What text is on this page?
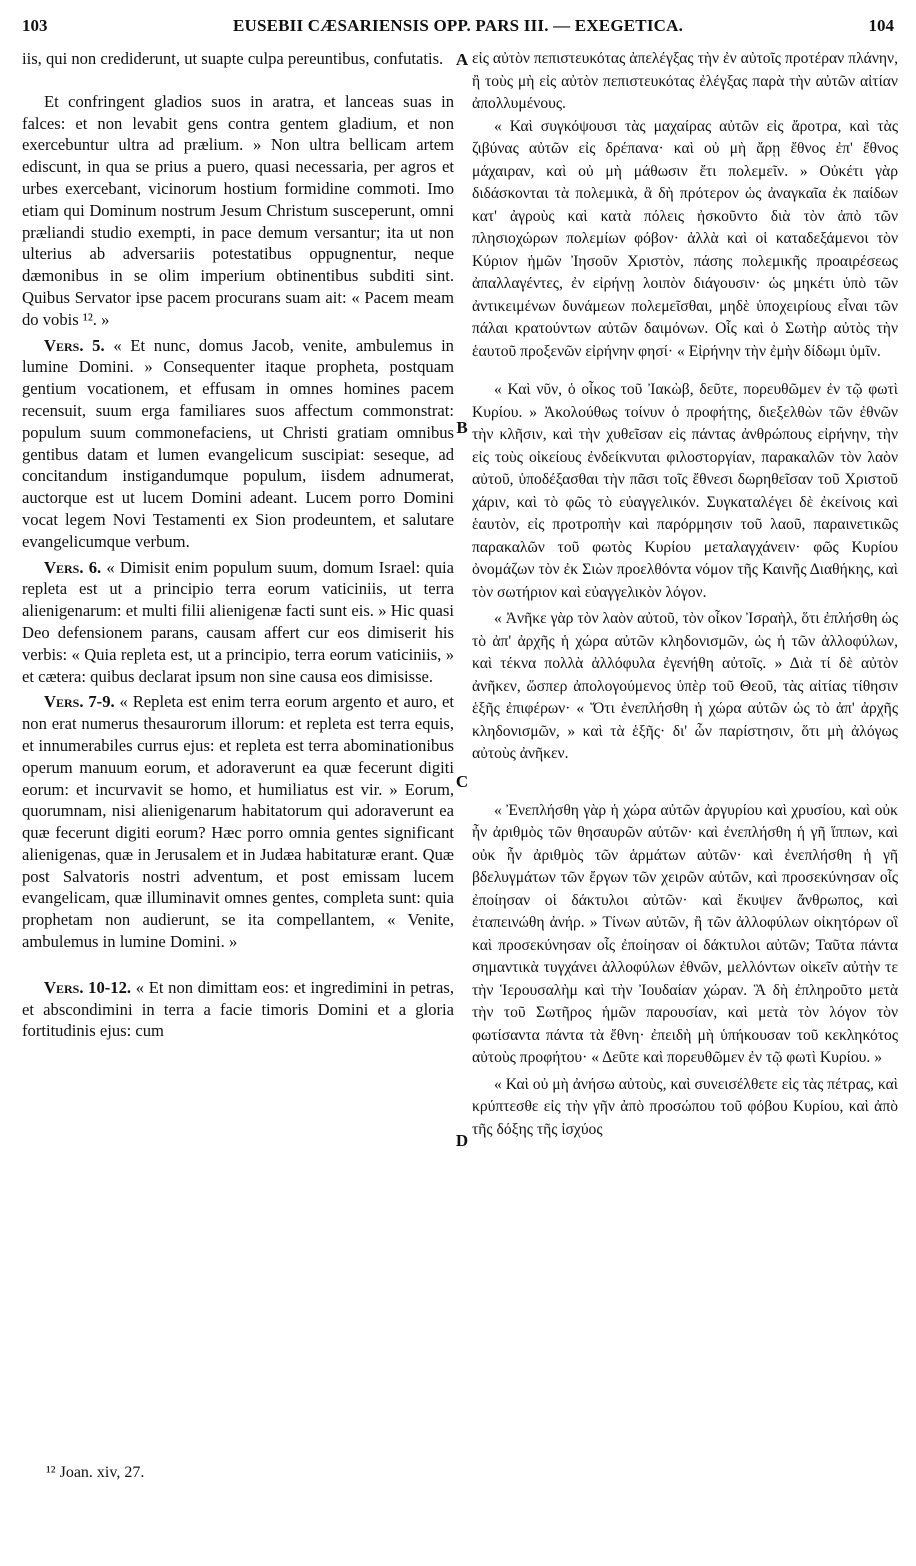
103	EUSEBII CÆSARIENSIS OPP. PARS III. — EXEGETICA.	104
A
B
C
D

iis, qui non crediderunt, ut suapte culpa pereuntibus, confutatis.

Et confringent gladios suos in aratra, et lanceas suas in falces: et non levabit gens contra gentem gladium, et non exercebuntur ultra ad prælium. » Non ultra bellicam artem ediscunt, in qua se prius a puero, quasi necessaria, per agros et urbes exercebant, vicinorum hostium formidine commoti. Imo etiam qui Dominum nostrum Jesum Christum susceperunt, omni præliandi studio exempti, in pace demum versantur; ita ut non ulterius ab adversariis potestatibus oppugnentur, neque dæmonibus in se olim imperium obtinentibus subditi sint. Quibus Servator ipse pacem procurans suam ait: « Pacem meam do vobis ¹². »

Vers. 5. « Et nunc, domus Jacob, venite, ambulemus in lumine Domini. » Consequenter itaque propheta, postquam gentium vocationem, et effusam in omnes homines pacem recensuit, suum erga familiares suos affectum commonstrat: populum suum commonefaciens, ut Christi gratiam omnibus gentibus datam et lumen evangelicum suscipiat: seseque, ad concitandum instigandumque populum, iisdem adnumerat, auctorque est ut lucem Domini adeant. Lucem porro Domini vocat legem Novi Testamenti ex Sion prodeuntem, et salutare evangelicumque verbum.

Vers. 6. « Dimisit enim populum suum, domum Israel: quia repleta est ut a principio terra eorum vaticiniis, ut terra alienigenarum: et multi filii alienigenæ facti sunt eis. » Hic quasi Deo defensionem parans, causam affert cur eos dimiserit his verbis: « Quia repleta est, ut a principio, terra eorum vaticiniis, » et cætera: quibus declarat ipsum non sine causa eos dimisisse.

Vers. 7-9. « Repleta est enim terra eorum argento et auro, et non erat numerus thesaurorum illorum: et repleta est terra equis, et innumerabiles currus ejus: et repleta est terra abominationibus operum manuum eorum, et adoraverunt ea quæ fecerunt digiti eorum: et incurvavit se homo, et humiliatus est vir. » Eorum, quorumnam, nisi alienigenarum habitatorum qui adoraverunt ea quæ fecerunt digiti eorum? Hæc porro omnia gentes significant alienigenas, quæ in Jerusalem et in Judæa habitaturæ erant. Quæ post Salvatoris nostri adventum, et post emissam lucem evangelicam, quæ illuminavit omnes gentes, completa sunt: quia prophetam non audierunt, se ita compellantem, « Venite, ambulemus in lumine Domini. »

Vers. 10-12. « Et non dimittam eos: et ingredimini in petras, et abscondimini in terra a facie timoris Domini et a gloria fortitudinis ejus: cum

¹² Joan. xiv, 27.

εἰς αὐτὸν πεπιστευκότας ἀπελέγξας τὴν ἐν αὐτοῖς προτέραν πλάνην, ἢ τοὺς μὴ εἰς αὐτὸν πεπιστευκότας ἐλέγξας παρὰ τὴν αὐτῶν αἰτίαν ἀπολλυμένους.

« Καὶ συγκόψουσι τὰς μαχαίρας αὐτῶν εἰς ἄροτρα, καὶ τὰς ζιβύνας αὐτῶν εἰς δρέπανα· καὶ οὐ μὴ ἄρῃ ἔθνος ἐπ' ἔθνος μάχαιραν, καὶ οὐ μὴ μάθωσιν ἔτι πολεμεῖν. » Οὐκέτι γὰρ διδάσκονται τὰ πολεμικὰ, ἃ δὴ πρότερον ὡς ἀναγκαῖα ἐκ παίδων κατ' ἀγροὺς καὶ κατὰ πόλεις ἠσκοῦντο διὰ τὸν ἀπὸ τῶν πλησιοχώρων πολεμίων φόβον· ἀλλὰ καὶ οἱ καταδεξάμενοι τὸν Κύριον ἡμῶν Ἰησοῦν Χριστὸν, πάσης πολεμικῆς προαιρέσεως ἀπαλλαγέντες, ἐν εἰρήνῃ λοιπὸν διάγουσιν· ὡς μηκέτι ὑπὸ τῶν ἀντικειμένων δυνάμεων πολεμεῖσθαι, μηδὲ ὑποχειρίους εἶναι τῶν πάλαι κρατούντων αὐτῶν δαιμόνων. Οἷς καὶ ὁ Σωτὴρ αὐτὸς τὴν ἑαυτοῦ προξενῶν εἰρήνην φησί· « Εἰρήνην τὴν ἐμὴν δίδωμι ὑμῖν.

« Καὶ νῦν, ὁ οἶκος τοῦ Ἰακὼβ, δεῦτε, πορευθῶμεν ἐν τῷ φωτὶ Κυρίου. » Ἀκολούθως τοίνυν ὁ προφήτης, διεξελθὼν τῶν ἐθνῶν τὴν κλῆσιν, καὶ τὴν χυθεῖσαν εἰς πάντας ἀνθρώπους εἰρήνην, τὴν εἰς τοὺς οἰκείους ἐνδείκνυται φιλοστοργίαν, παρακαλῶν τὸν λαὸν αὐτοῦ, ὑποδέξασθαι τὴν πᾶσι τοῖς ἔθνεσι δωρηθεῖσαν τοῦ Χριστοῦ χάριν, καὶ τὸ φῶς τὸ εὐαγγελικόν. Συγκαταλέγει δὲ ἐκείνοις καὶ ἑαυτὸν, εἰς προτροπὴν καὶ παρόρμησιν τοῦ λαοῦ, παραινετικῶς παρακαλῶν τοῦ φωτὸς Κυρίου μεταλαγχάνειν· φῶς Κυρίου ὀνομάζων τὸν ἐκ Σιὼν προελθόντα νόμον τῆς Καινῆς Διαθήκης, καὶ τὸν σωτήριον καὶ εὐαγγελικὸν λόγον.

« Ἀνῆκε γὰρ τὸν λαὸν αὐτοῦ, τὸν οἶκον Ἰσραὴλ, ὅτι ἐπλήσθη ὡς τὸ ἀπ' ἀρχῆς ἡ χώρα αὐτῶν κληδονισμῶν, ὡς ἡ τῶν ἀλλοφύλων, καὶ τέκνα πολλὰ ἀλλόφυλα ἐγενήθη αὐτοῖς. » Διὰ τί δὲ αὐτὸν ἀνῆκεν, ὥσπερ ἀπολογούμενος ὑπὲρ τοῦ Θεοῦ, τὰς αἰτίας τίθησιν ἑξῆς ἐπιφέρων· « Ὅτι ἐνεπλήσθη ἡ χώρα αὐτῶν ὡς τὸ ἀπ' ἀρχῆς κληδονισμῶν, » καὶ τὰ ἑξῆς· δι' ὧν παρίστησιν, ὅτι μὴ ἀλόγως αὐτοὺς ἀνῆκεν.

« Ἐνεπλήσθη γὰρ ἡ χώρα αὐτῶν ἀργυρίου καὶ χρυσίου, καὶ οὐκ ἦν ἀριθμὸς τῶν θησαυρῶν αὐτῶν· καὶ ἐνεπλήσθη ἡ γῆ ἵππων, καὶ οὐκ ἦν ἀριθμὸς τῶν ἁρμάτων αὐτῶν· καὶ ἐνεπλήσθη ἡ γῆ βδελυγμάτων τῶν ἔργων τῶν χειρῶν αὐτῶν, καὶ προσεκύνησαν οἷς ἐποίησαν οἱ δάκτυλοι αὐτῶν· καὶ ἔκυψεν ἄνθρωπος, καὶ ἐταπεινώθη ἀνήρ. » Τίνων αὐτῶν, ἢ τῶν ἀλλοφύλων οἰκητόρων οἳ καὶ προσεκύνησαν οἷς ἐποίησαν οἱ δάκτυλοι αὐτῶν; Ταῦτα πάντα σημαντικὰ τυγχάνει ἀλλοφύλων ἐθνῶν, μελλόντων οἰκεῖν αὐτὴν τε τὴν Ἱερουσαλὴμ καὶ τὴν Ἰουδαίαν χώραν. Ἃ δὴ ἐπληροῦτο μετὰ τὴν τοῦ Σωτῆρος ἡμῶν παρουσίαν, καὶ μετὰ τὸν λόγον τὸν φωτίσαντα πάντα τὰ ἔθνη· ἐπειδὴ μὴ ὑπήκουσαν τοῦ κεκληκότος αὐτοὺς προφήτου· « Δεῦτε καὶ πορευθῶμεν ἐν τῷ φωτὶ Κυρίου. »

« Καὶ οὐ μὴ ἀνήσω αὐτοὺς, καὶ συνεισέλθετε εἰς τὰς πέτρας, καὶ κρύπτεσθε εἰς τὴν γῆν ἀπὸ προσώπου τοῦ φόβου Κυρίου, καὶ ἀπὸ τῆς δόξης τῆς ἰσχύος
